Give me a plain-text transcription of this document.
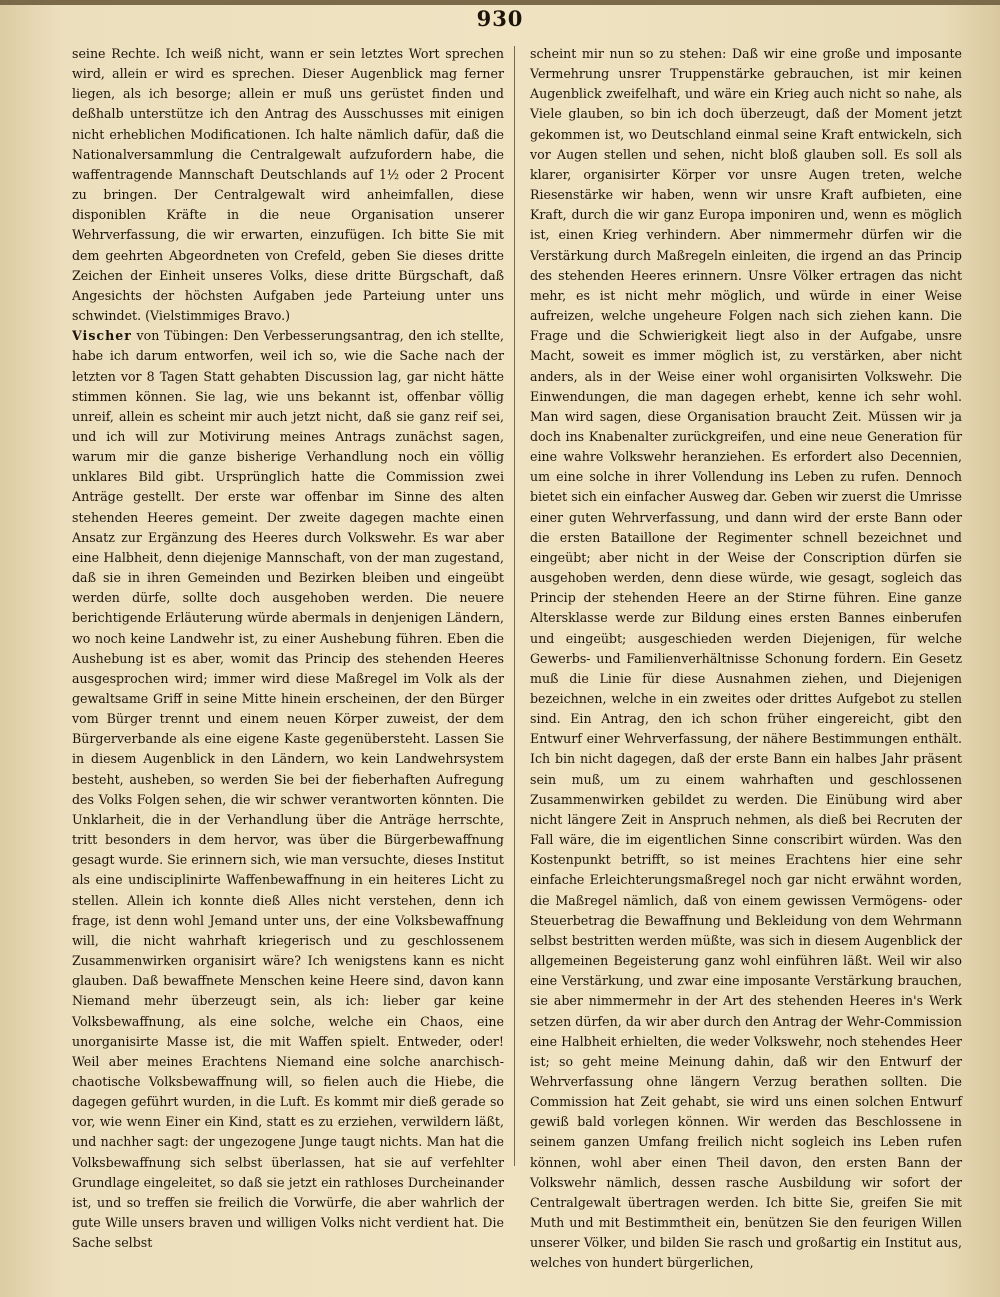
930

seine Rechte. Ich weiß nicht, wann er sein letztes Wort sprechen wird, allein er wird es sprechen. Dieser Augenblick mag ferner liegen, als ich besorge; allein er muß uns gerüstet finden und deßhalb unterstütze ich den Antrag des Ausschusses mit einigen nicht erheblichen Modificationen. Ich halte nämlich dafür, daß die Nationalversammlung die Centralgewalt aufzufordern habe, die waffentragende Mannschaft Deutschlands auf 1½ oder 2 Procent zu bringen. Der Centralgewalt wird anheimfallen, diese disponiblen Kräfte in die neue Organisation unserer Wehrverfassung, die wir erwarten, einzufügen. Ich bitte Sie mit dem geehrten Abgeordneten von Crefeld, geben Sie dieses dritte Zeichen der Einheit unseres Volks, diese dritte Bürgschaft, daß Angesichts der höchsten Aufgaben jede Parteiung unter uns schwindet. (Vielstimmiges Bravo.)

Vischer von Tübingen: Den Verbesserungsantrag, den ich stellte, habe ich darum entworfen, weil ich so, wie die Sache nach der letzten vor 8 Tagen Statt gehabten Discussion lag, gar nicht hätte stimmen können. Sie lag, wie uns bekannt ist, offenbar völlig unreif, allein es scheint mir auch jetzt nicht, daß sie ganz reif sei, und ich will zur Motivirung meines Antrags zunächst sagen, warum mir die ganze bisherige Verhandlung noch ein völlig unklares Bild gibt. Ursprünglich hatte die Commission zwei Anträge gestellt. Der erste war offenbar im Sinne des alten stehenden Heeres gemeint. Der zweite dagegen machte einen Ansatz zur Ergänzung des Heeres durch Volkswehr. Es war aber eine Halbheit, denn diejenige Mannschaft, von der man zugestand, daß sie in ihren Gemeinden und Bezirken bleiben und eingeübt werden dürfe, sollte doch ausgehoben werden. Die neuere berichtigende Erläuterung würde abermals in denjenigen Ländern, wo noch keine Landwehr ist, zu einer Aushebung führen. Eben die Aushebung ist es aber, womit das Princip des stehenden Heeres ausgesprochen wird; immer wird diese Maßregel im Volk als der gewaltsame Griff in seine Mitte hinein erscheinen, der den Bürger vom Bürger trennt und einem neuen Körper zuweist, der dem Bürgerverbande als eine eigene Kaste gegenübersteht. Lassen Sie in diesem Augenblick in den Ländern, wo kein Landwehrsystem besteht, ausheben, so werden Sie bei der fieberhaften Aufregung des Volks Folgen sehen, die wir schwer verantworten könnten. Die Unklarheit, die in der Verhandlung über die Anträge herrschte, tritt besonders in dem hervor, was über die Bürgerbewaffnung gesagt wurde. Sie erinnern sich, wie man versuchte, dieses Institut als eine undisciplinirte Waffenbewaffnung in ein heiteres Licht zu stellen. Allein ich konnte dieß Alles nicht verstehen, denn ich frage, ist denn wohl Jemand unter uns, der eine Volksbewaffnung will, die nicht wahrhaft kriegerisch und zu geschlossenem Zusammenwirken organisirt wäre? Ich wenigstens kann es nicht glauben. Daß bewaffnete Menschen keine Heere sind, davon kann Niemand mehr überzeugt sein, als ich: lieber gar keine Volksbewaffnung, als eine solche, welche ein Chaos, eine unorganisirte Masse ist, die mit Waffen spielt. Entweder, oder! Weil aber meines Erachtens Niemand eine solche anarchisch-chaotische Volksbewaffnung will, so fielen auch die Hiebe, die dagegen geführt wurden, in die Luft. Es kommt mir dieß gerade so vor, wie wenn Einer ein Kind, statt es zu erziehen, verwildern läßt, und nachher sagt: der ungezogene Junge taugt nichts. Man hat die Volksbewaffnung sich selbst überlassen, hat sie auf verfehlter Grundlage eingeleitet, so daß sie jetzt ein rathloses Durcheinander ist, und so treffen sie freilich die Vorwürfe, die aber wahrlich der gute Wille unsers braven und willigen Volks nicht verdient hat. Die Sache selbst

scheint mir nun so zu stehen: Daß wir eine große und imposante Vermehrung unsrer Truppenstärke gebrauchen, ist mir keinen Augenblick zweifelhaft, und wäre ein Krieg auch nicht so nahe, als Viele glauben, so bin ich doch überzeugt, daß der Moment jetzt gekommen ist, wo Deutschland einmal seine Kraft entwickeln, sich vor Augen stellen und sehen, nicht bloß glauben soll. Es soll als klarer, organisirter Körper vor unsre Augen treten, welche Riesenstärke wir haben, wenn wir unsre Kraft aufbieten, eine Kraft, durch die wir ganz Europa imponiren und, wenn es möglich ist, einen Krieg verhindern. Aber nimmermehr dürfen wir die Verstärkung durch Maßregeln einleiten, die irgend an das Princip des stehenden Heeres erinnern. Unsre Völker ertragen das nicht mehr, es ist nicht mehr möglich, und würde in einer Weise aufreizen, welche ungeheure Folgen nach sich ziehen kann. Die Frage und die Schwierigkeit liegt also in der Aufgabe, unsre Macht, soweit es immer möglich ist, zu verstärken, aber nicht anders, als in der Weise einer wohl organisirten Volkswehr. Die Einwendungen, die man dagegen erhebt, kenne ich sehr wohl. Man wird sagen, diese Organisation braucht Zeit. Müssen wir ja doch ins Knabenalter zurückgreifen, und eine neue Generation für eine wahre Volkswehr heranziehen. Es erfordert also Decennien, um eine solche in ihrer Vollendung ins Leben zu rufen. Dennoch bietet sich ein einfacher Ausweg dar. Geben wir zuerst die Umrisse einer guten Wehrverfassung, und dann wird der erste Bann oder die ersten Bataillone der Regimenter schnell bezeichnet und eingeübt; aber nicht in der Weise der Conscription dürfen sie ausgehoben werden, denn diese würde, wie gesagt, sogleich das Princip der stehenden Heere an der Stirne führen. Eine ganze Altersklasse werde zur Bildung eines ersten Bannes einberufen und eingeübt; ausgeschieden werden Diejenigen, für welche Gewerbs- und Familienverhältnisse Schonung fordern. Ein Gesetz muß die Linie für diese Ausnahmen ziehen, und Diejenigen bezeichnen, welche in ein zweites oder drittes Aufgebot zu stellen sind. Ein Antrag, den ich schon früher eingereicht, gibt den Entwurf einer Wehrverfassung, der nähere Bestimmungen enthält. Ich bin nicht dagegen, daß der erste Bann ein halbes Jahr präsent sein muß, um zu einem wahrhaften und geschlossenen Zusammenwirken gebildet zu werden. Die Einübung wird aber nicht längere Zeit in Anspruch nehmen, als dieß bei Recruten der Fall wäre, die im eigentlichen Sinne conscribirt würden. Was den Kostenpunkt betrifft, so ist meines Erachtens hier eine sehr einfache Erleichterungsmaßregel noch gar nicht erwähnt worden, die Maßregel nämlich, daß von einem gewissen Vermögens- oder Steuerbetrag die Bewaffnung und Bekleidung von dem Wehrmann selbst bestritten werden müßte, was sich in diesem Augenblick der allgemeinen Begeisterung ganz wohl einführen läßt. Weil wir also eine Verstärkung, und zwar eine imposante Verstärkung brauchen, sie aber nimmermehr in der Art des stehenden Heeres in's Werk setzen dürfen, da wir aber durch den Antrag der Wehr-Commission eine Halbheit erhielten, die weder Volkswehr, noch stehendes Heer ist; so geht meine Meinung dahin, daß wir den Entwurf der Wehrverfassung ohne längern Verzug berathen sollten. Die Commission hat Zeit gehabt, sie wird uns einen solchen Entwurf gewiß bald vorlegen können. Wir werden das Beschlossene in seinem ganzen Umfang freilich nicht sogleich ins Leben rufen können, wohl aber einen Theil davon, den ersten Bann der Volkswehr nämlich, dessen rasche Ausbildung wir sofort der Centralgewalt übertragen werden. Ich bitte Sie, greifen Sie mit Muth und mit Bestimmtheit ein, benützen Sie den feurigen Willen unserer Völker, und bilden Sie rasch und großartig ein Institut aus, welches von hundert bürgerlichen,
